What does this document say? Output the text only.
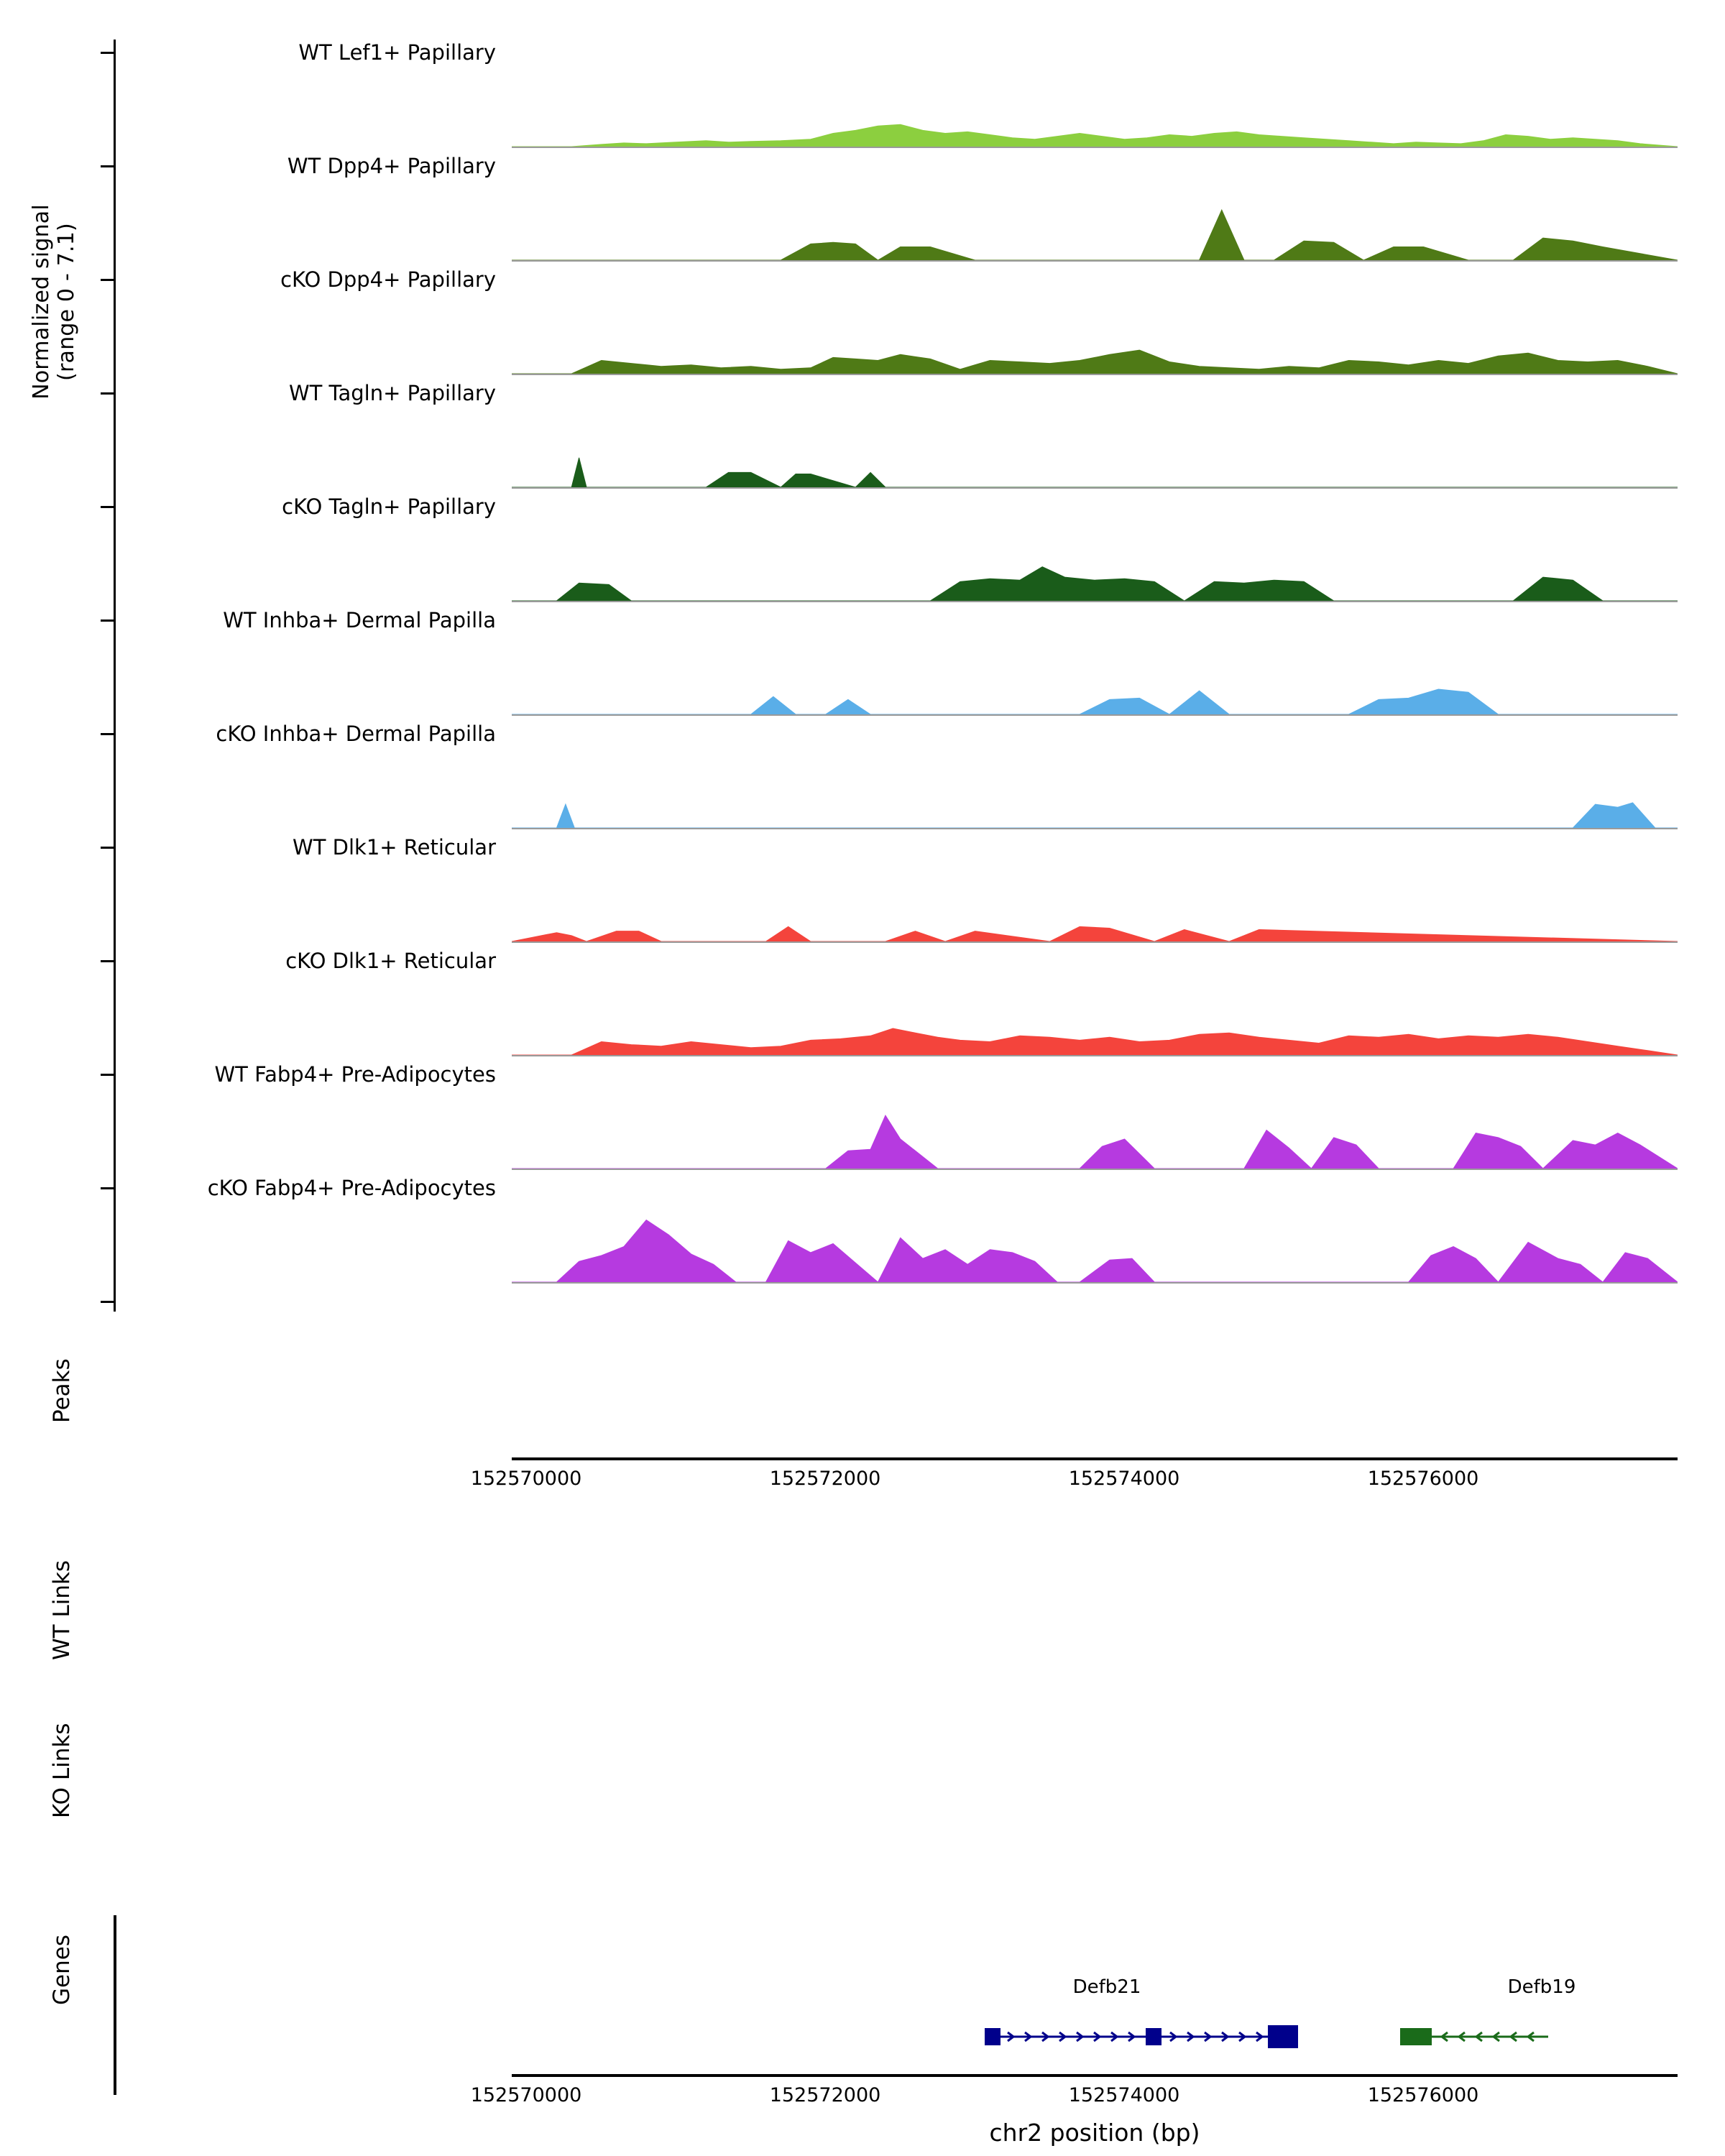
Normalized signal (range 0 - 7.1)
WT Lef1+ Papillary
WT Dpp4+ Papillary
cKO Dpp4+ Papillary
WT Tagln+ Papillary
cKO Tagln+ Papillary
WT Inhba+ Dermal Papilla
cKO Inhba+ Dermal Papilla
WT Dlk1+ Reticular
cKO Dlk1+ Reticular
WT Fabp4+ Pre-Adipocytes
cKO Fabp4+ Pre-Adipocytes
Peaks
152570000	152572000	152574000	152576000
WT Links
KO Links
Genes	Defb21	Defb19
152570000	152572000	152574000	152576000
chr2 position (bp)
